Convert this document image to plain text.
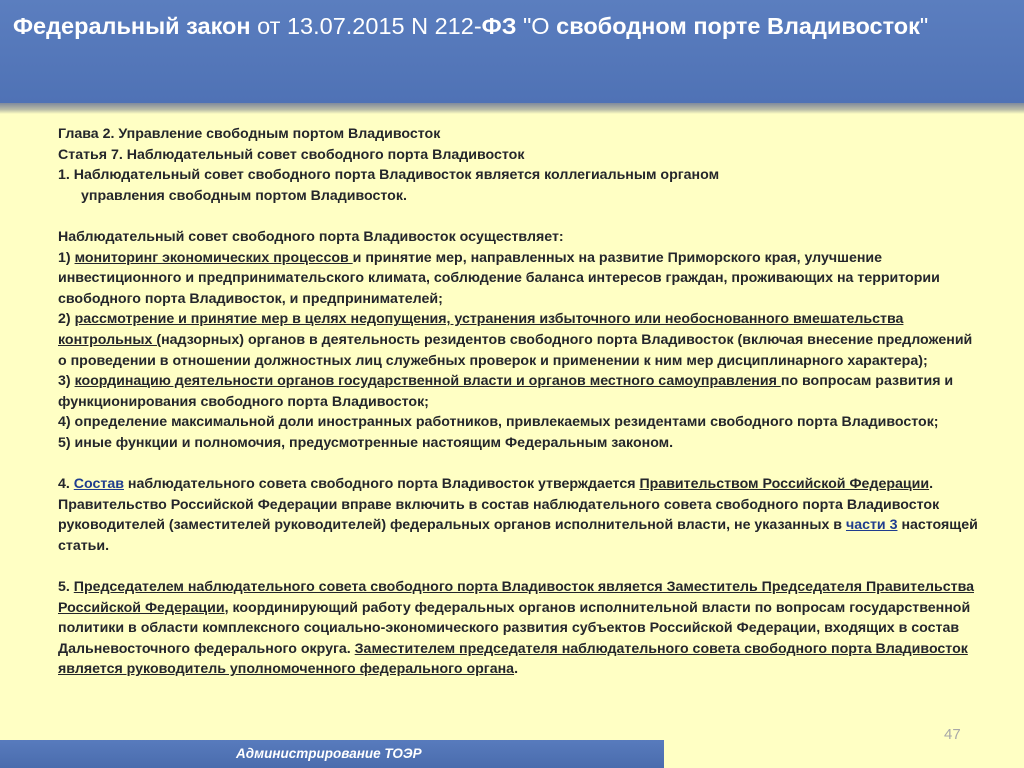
Федеральный закон от 13.07.2015 N 212-ФЗ "О свободном порте Владивосток"

Глава 2. Управление свободным портом Владивосток

Статья 7. Наблюдательный совет свободного порта Владивосток

1. Наблюдательный совет свободного порта Владивосток является коллегиальным органом

управления свободным портом Владивосток.

Наблюдательный совет свободного порта Владивосток осуществляет:

1) мониторинг экономических процессов и принятие мер, направленных на развитие Приморского края, улучшение инвестиционного и предпринимательского климата, соблюдение баланса интересов граждан, проживающих на территории свободного порта Владивосток, и предпринимателей;

2) рассмотрение и принятие мер в целях недопущения, устранения избыточного или необоснованного вмешательства контрольных (надзорных) органов в деятельность резидентов свободного порта Владивосток (включая внесение предложений о проведении в отношении должностных лиц служебных проверок и применении к ним мер дисциплинарного характера);

3) координацию деятельности органов государственной власти и органов местного самоуправления по вопросам развития и функционирования свободного порта Владивосток;

4) определение максимальной доли иностранных работников, привлекаемых резидентами свободного порта Владивосток;

5) иные функции и полномочия, предусмотренные настоящим Федеральным законом.

4. Состав наблюдательного совета свободного порта Владивосток утверждается Правительством Российской Федерации. Правительство Российской Федерации вправе включить в состав наблюдательного совета свободного порта Владивосток руководителей (заместителей руководителей) федеральных органов исполнительной власти, не указанных в части 3 настоящей статьи.

5. Председателем наблюдательного совета свободного порта Владивосток является Заместитель Председателя Правительства Российской Федерации, координирующий работу федеральных органов исполнительной власти по вопросам государственной политики в области комплексного социально-экономического развития субъектов Российской Федерации, входящих в состав Дальневосточного федерального округа. Заместителем председателя наблюдательного совета свободного порта Владивосток является руководитель уполномоченного федерального органа.

47
Администрирование ТОЭР
